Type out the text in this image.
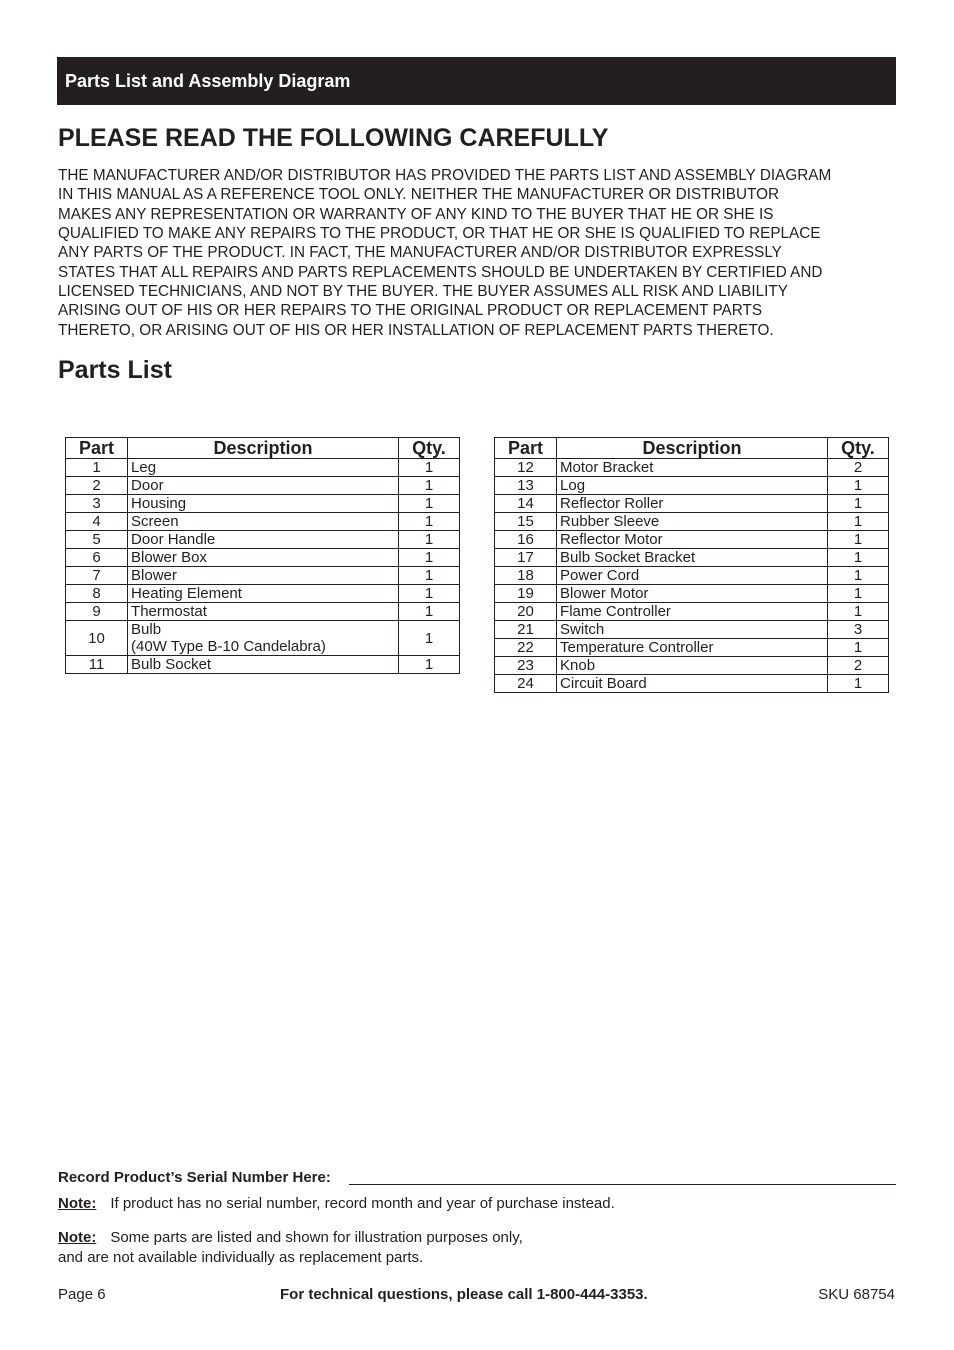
Parts List and Assembly Diagram
PLEASE READ THE FOLLOWING CAREFULLY

THE MANUFACTURER AND/OR DISTRIBUTOR HAS PROVIDED THE PARTS LIST AND ASSEMBLY DIAGRAM
IN THIS MANUAL AS A REFERENCE TOOL ONLY. NEITHER THE MANUFACTURER OR DISTRIBUTOR
MAKES ANY REPRESENTATION OR WARRANTY OF ANY KIND TO THE BUYER THAT HE OR SHE IS
QUALIFIED TO MAKE ANY REPAIRS TO THE PRODUCT, OR THAT HE OR SHE IS QUALIFIED TO REPLACE
ANY PARTS OF THE PRODUCT. IN FACT, THE MANUFACTURER AND/OR DISTRIBUTOR EXPRESSLY
STATES THAT ALL REPAIRS AND PARTS REPLACEMENTS SHOULD BE UNDERTAKEN BY CERTIFIED AND
LICENSED TECHNICIANS, AND NOT BY THE BUYER. THE BUYER ASSUMES ALL RISK AND LIABILITY
ARISING OUT OF HIS OR HER REPAIRS TO THE ORIGINAL PRODUCT OR REPLACEMENT PARTS
THERETO, OR ARISING OUT OF HIS OR HER INSTALLATION OF REPLACEMENT PARTS THERETO.

Parts List
Part	Description	Qty.
1	Leg	1
2	Door	1
3	Housing	1
4	Screen	1
5	Door Handle	1
6	Blower Box	1
7	Blower	1
8	Heating Element	1
9	Thermostat	1
10	Bulb
(40W Type B-10 Candelabra)	1
11	Bulb Socket	1
Part	Description	Qty.
12	Motor Bracket	2
13	Log	1
14	Reflector Roller	1
15	Rubber Sleeve	1
16	Reflector Motor	1
17	Bulb Socket Bracket	1
18	Power Cord	1
19	Blower Motor	1
20	Flame Controller	1
21	Switch	3
22	Temperature Controller	1
23	Knob	2
24	Circuit Board	1
Record Product’s Serial Number Here:
Note: If product has no serial number, record month and year of purchase instead.
Note: Some parts are listed and shown for illustration purposes only,
and are not available individually as replacement parts.
Page 6	For technical questions, please call 1-800-444-3353.	SKU 68754
